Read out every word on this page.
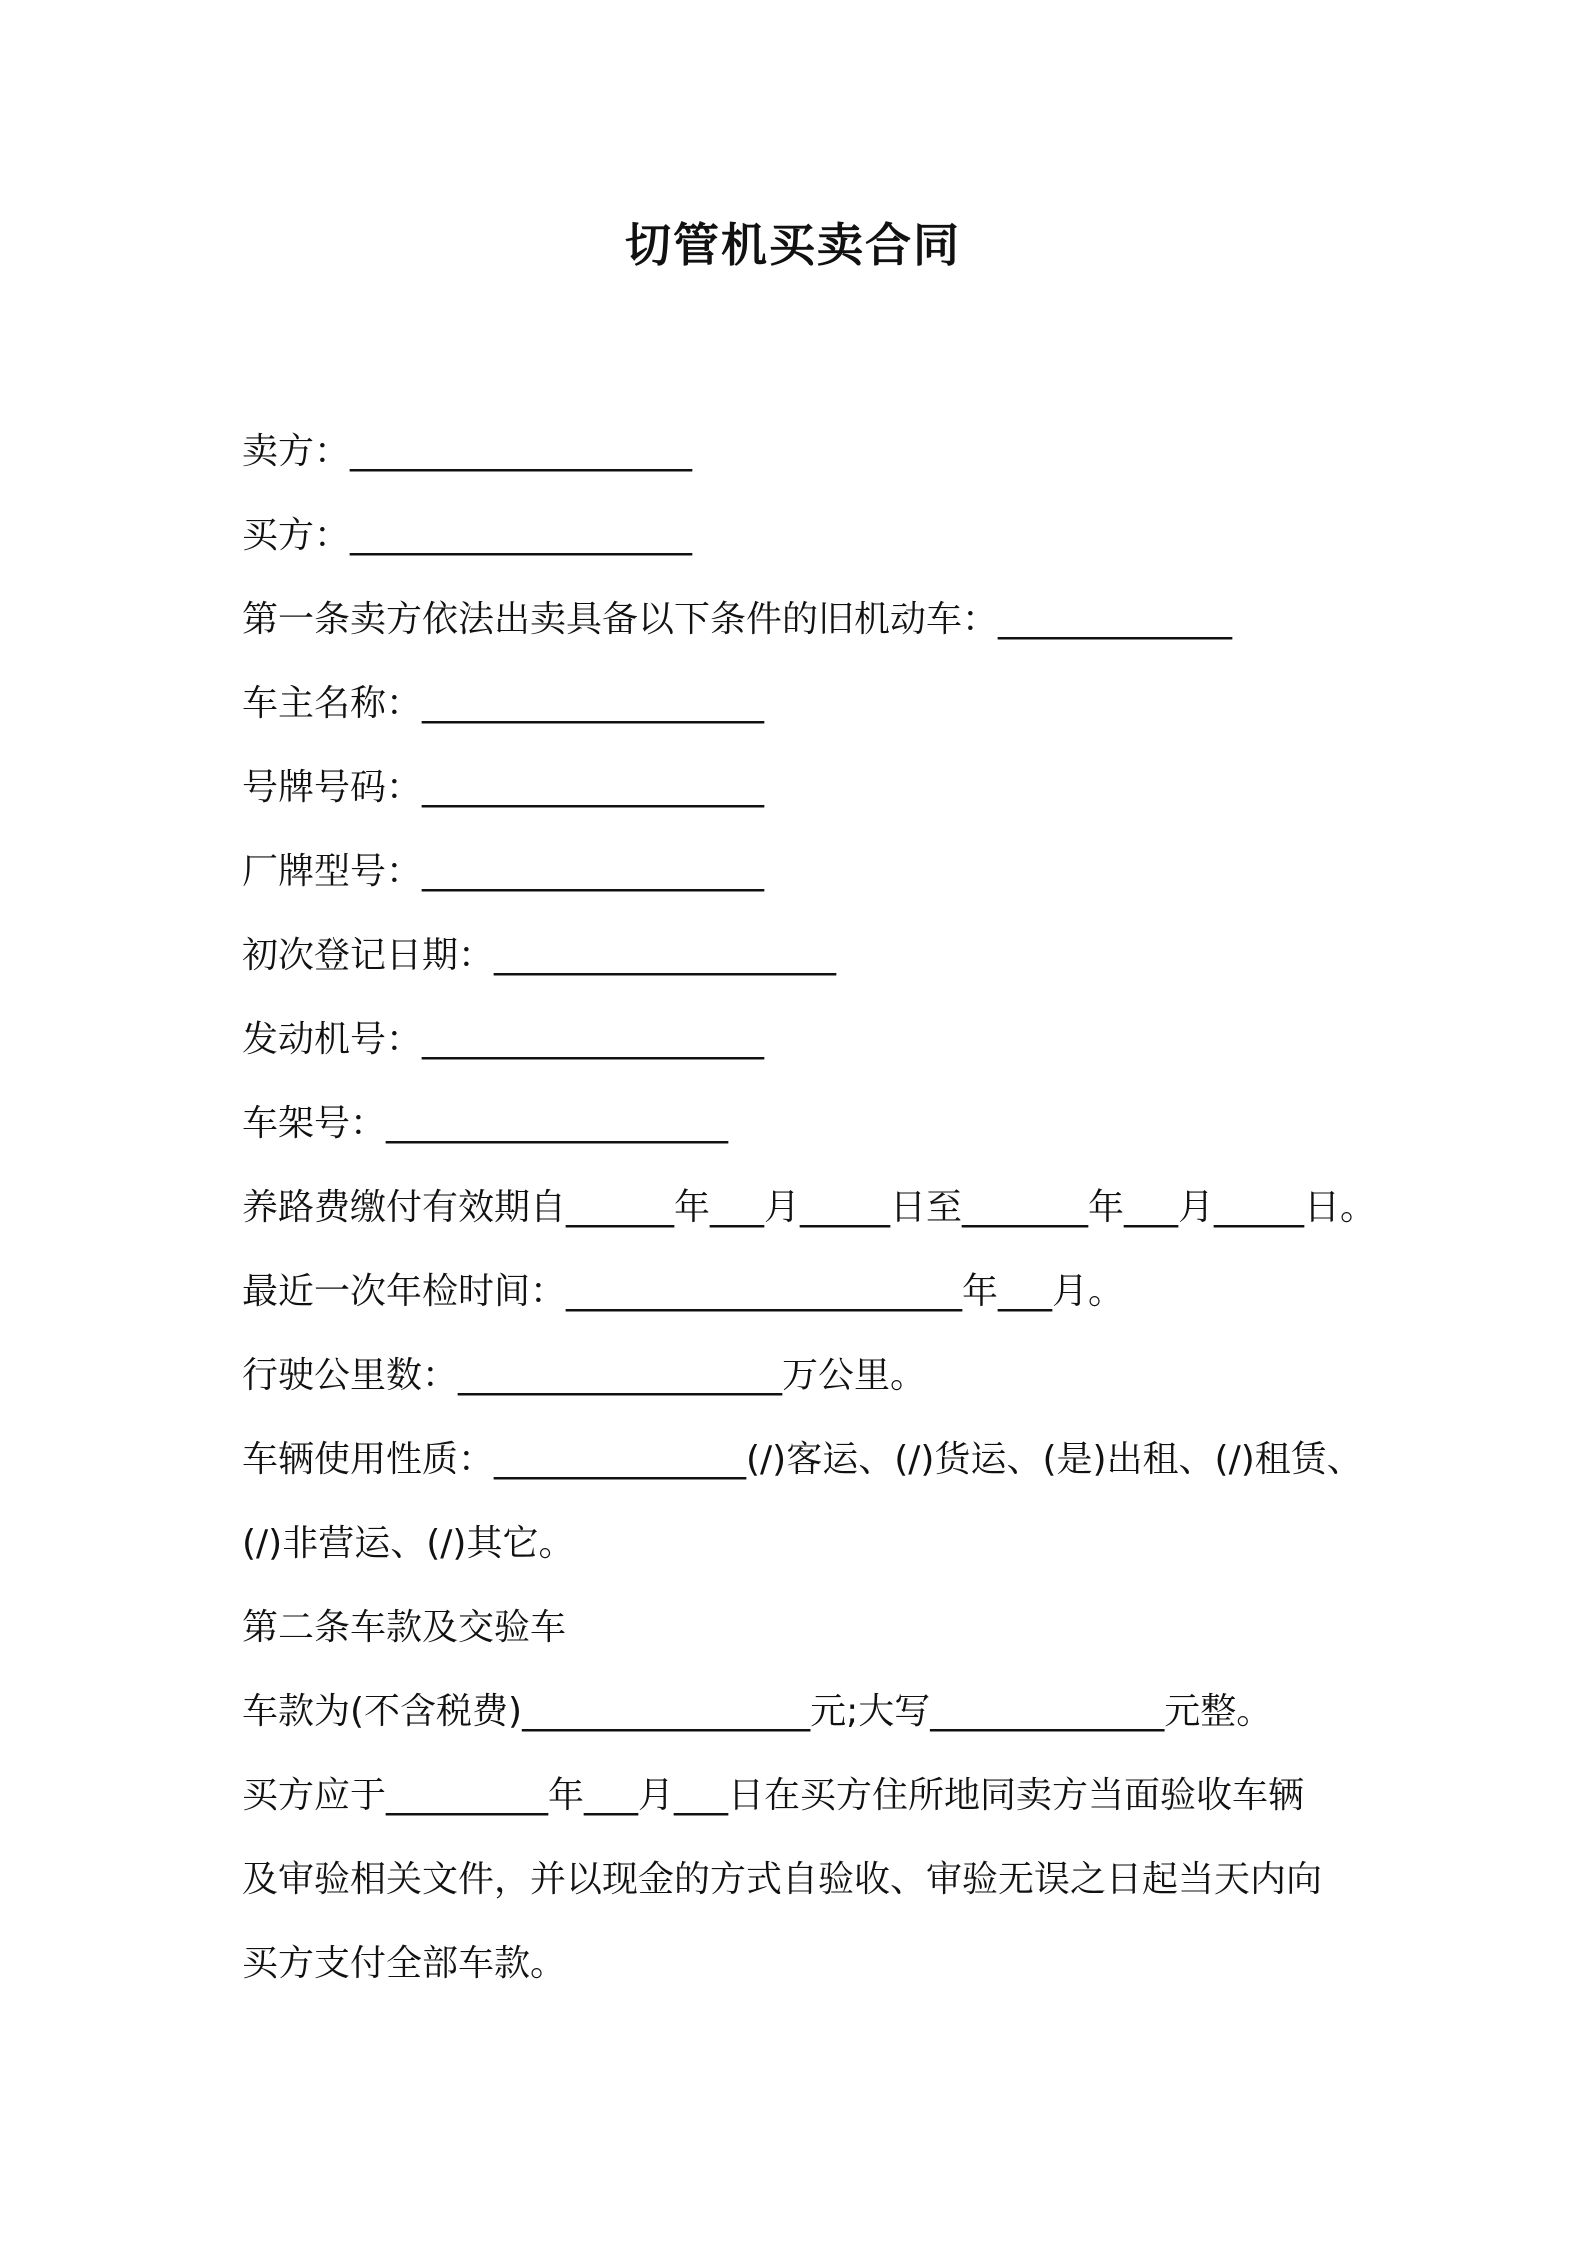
切管机买卖合同
卖方：___________________
买方：___________________
第一条卖方依法出卖具备以下条件的旧机动车：_____________
车主名称：___________________
号牌号码：___________________
厂牌型号：___________________
初次登记日期：___________________
发动机号：___________________
车架号：___________________
养路费缴付有效期自______年___月_____日至_______年___月_____日。
最近一次年检时间：______________________年___月。
行驶公里数：__________________万公里。
车辆使用性质：______________(/)客运、(/)货运、(是)出租、(/)租赁、
(/)非营运、(/)其它。
第二条车款及交验车
车款为(不含税费)________________元;大写_____________元整。
买方应于_________年___月___日在买方住所地同卖方当面验收车辆
及审验相关文件，并以现金的方式自验收、审验无误之日起当天内向
买方支付全部车款。
